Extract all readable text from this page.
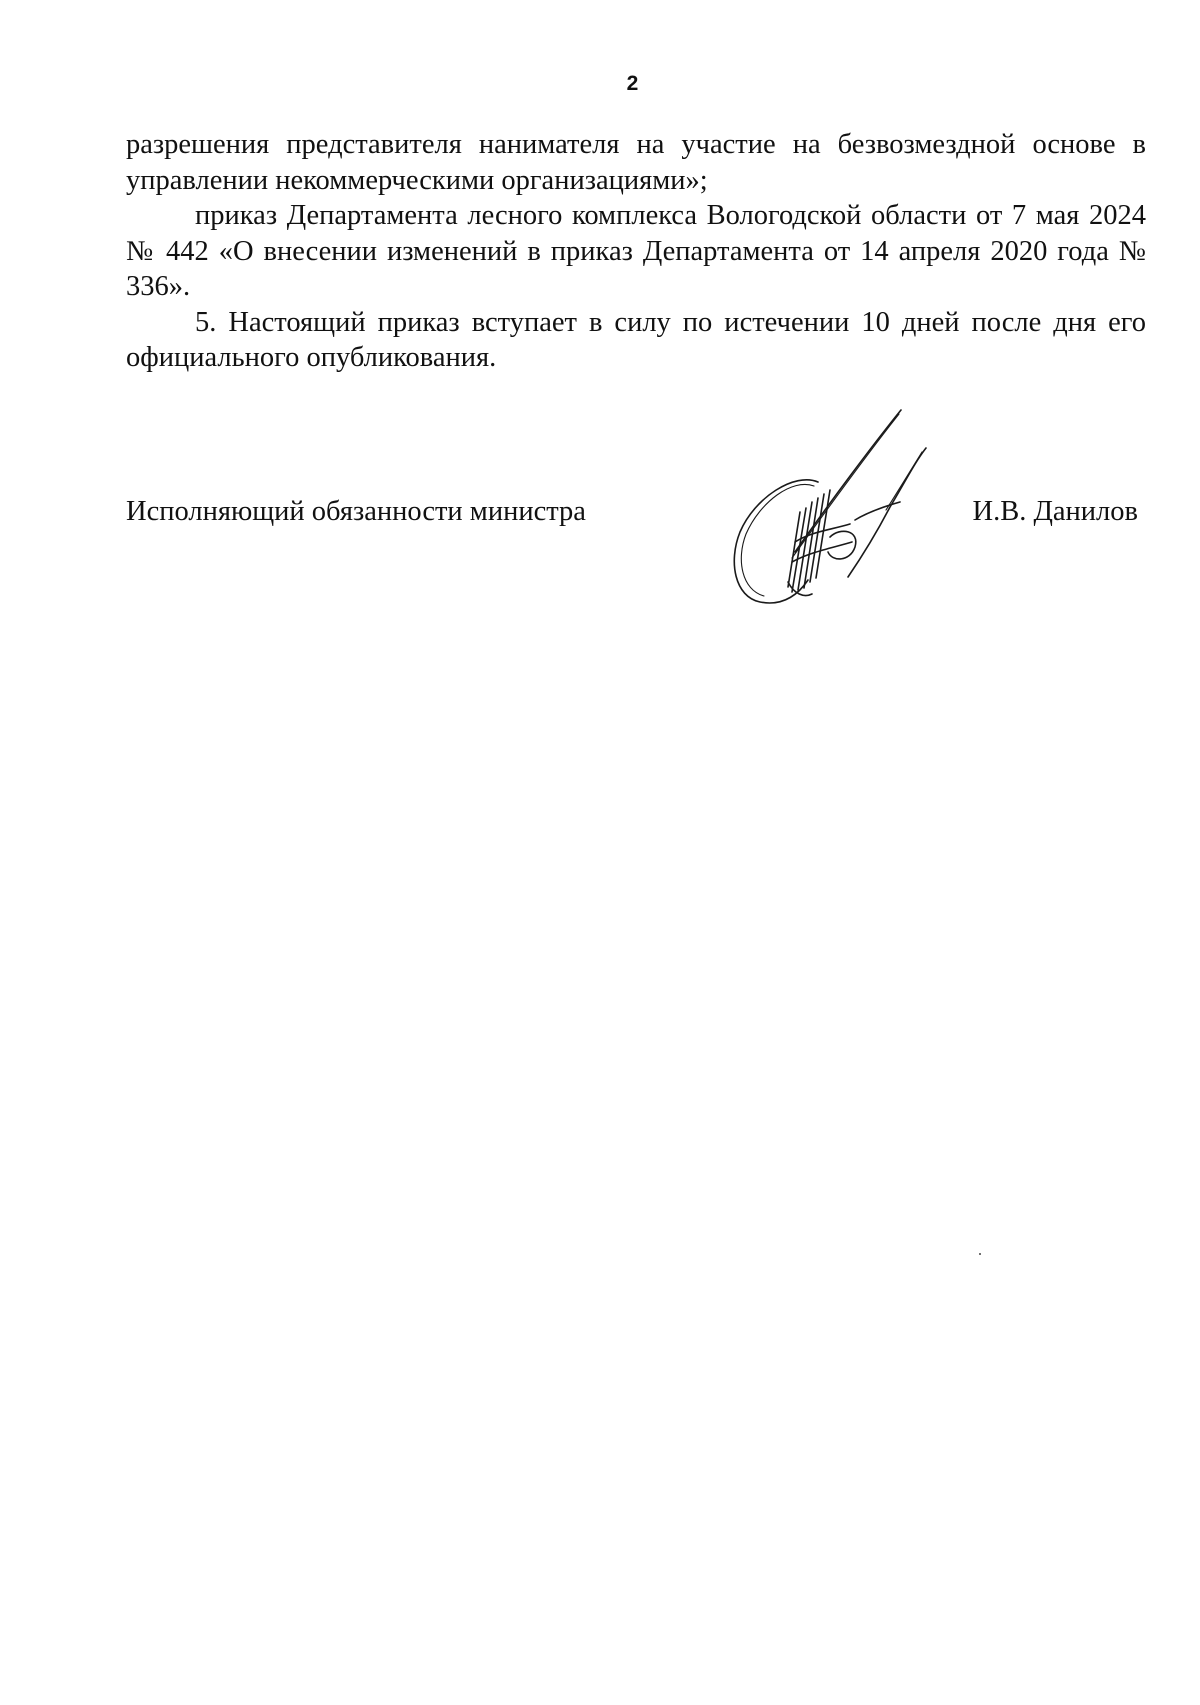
2

разрешения представителя нанимателя на участие на безвозмездной основе в управлении некоммерческими организациями»;

приказ Департамента лесного комплекса Вологодской области от 7 мая 2024 № 442 «О внесении изменений в приказ Департамента от 14 апреля 2020 года № 336».

5. Настоящий приказ вступает в силу по истечении 10 дней после дня его официального опубликования.

Исполняющий обязанности министра	И.В. Данилов
